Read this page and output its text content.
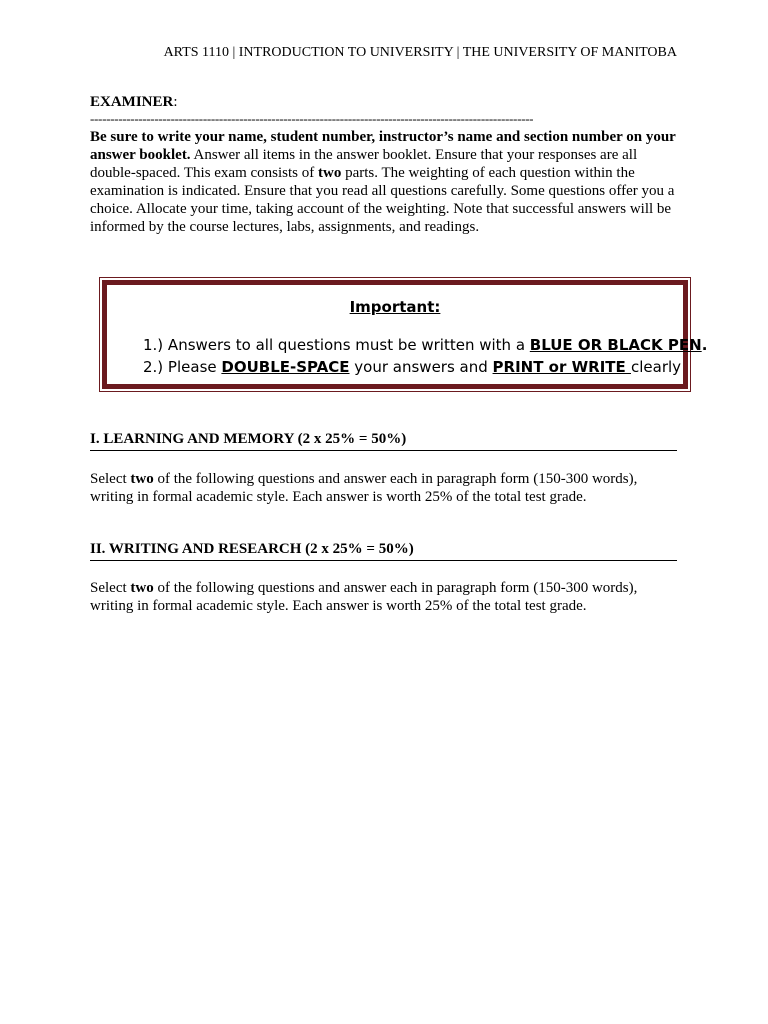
ARTS 1110 | INTRODUCTION TO UNIVERSITY | THE UNIVERSITY OF MANITOBA
EXAMINER:
--------------------------------------------------------------------------------------------------------------
Be sure to write your name, student number, instructor’s name and section number on your answer booklet. Answer all items in the answer booklet. Ensure that your responses are all double-spaced. This exam consists of two parts. The weighting of each question within the examination is indicated. Ensure that you read all questions carefully. Some questions offer you a choice. Allocate your time, taking account of the weighting. Note that successful answers will be informed by the course lectures, labs, assignments, and readings.
Important:
1.) Answers to all questions must be written with a BLUE OR BLACK PEN.
2.) Please DOUBLE-SPACE your answers and PRINT or WRITE clearly
I. LEARNING AND MEMORY (2 x 25% = 50%)
Select two of the following questions and answer each in paragraph form (150-300 words), writing in formal academic style. Each answer is worth 25% of the total test grade.
II. WRITING AND RESEARCH (2 x 25% = 50%)
Select two of the following questions and answer each in paragraph form (150-300 words), writing in formal academic style. Each answer is worth 25% of the total test grade.
